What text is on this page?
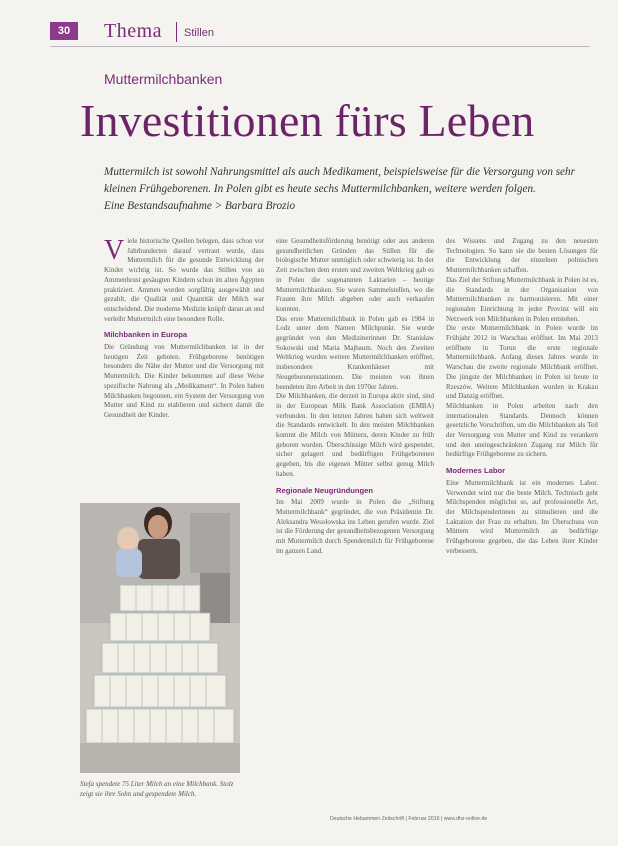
30	Thema Stillen
Muttermilchbanken
Investitionen fürs Leben
Muttermilch ist sowohl Nahrungsmittel als auch Medikament, beispielsweise für die Versorgung von sehr
kleinen Frühgeborenen. In Polen gibt es heute sechs Muttermilchbanken, weitere werden folgen.
Eine Bestandsaufnahme > Barbara Brozio

Viele historische Quellen belegen, dass schon vor Jahrhunderten darauf vertraut wurde, dass Muttermilch für die gesunde Entwicklung der Kinder wichtig ist. So wurde das Stillen von an Ammenbrust gesäugten Kindern schon im alten Ägypten praktiziert. Ammen wurden sorgfältig ausgewählt und gezahlt, die Qualität und Quantität der Milch war entscheidend. Die moderne Medizin knüpft daran an und verleiht Muttermilch eine besondere Rolle.

Milchbanken in Europa

Die Gründung von Muttermilchbanken ist in der heutigen Zeit geboten. Frühgeborene benötigen besonders die Nähe der Mutter und die Versorgung mit Muttermilch. Die Kinder bekommen auf diese Weise spezifische Nahrung als „Medikament“. In Polen haben Milchbanken begonnen, ein System der Versorgung von Mutter und Kind zu etablieren und sichern damit die Gesundheit der Kinder.

Stefa spendete 75 Liter Milch an eine Milchbank. Stolz zeigt sie ihre Sohn und gespendete Milch.

eine Gesundheitsförderung benötigt oder aus anderen gesundheitlichen Gründen das Stillen für die biologische Mutter unmöglich oder schwierig ist. In der Zeit zwischen dem ersten und zweiten Weltkrieg gab es in Polen die sogenannten Laktarien – heutige Muttermilchbanken. Sie waren Sammelstellen, wo die Frauen ihre Milch abgeben oder auch verkaufen konnten.

Das erste Muttermilchbank in Polen gab es 1984 in Lodz unter dem Namen Milchpunkt. Sie wurde gegründet von den Medizinerinnen Dr. Stanisław Sokowski und Maria Majbaum. Noch den Zweiten Weltkrieg wurden weitere Muttermilchbanken eröffnet, insbesondere Krankenhäuser mit Neugeborenenstationen. Die meisten von ihnen beendeten ihre Arbeit in den 1970er Jahren.

Die Milchbanken, die derzeit in Europa aktiv sind, sind in der European Milk Bank Association (EMBA) verbunden. In den letzten Jahren haben sich weltweit die Standards entwickelt. In den meisten Milchbanken kommt die Milch von Müttern, deren Kinder zu früh geboren wurden. Überschüssige Milch wird gespendet, sicher gelagert und bedürftigen Frühgeborenen gegeben, bis die eigenen Mütter selbst genug Milch haben.

Regionale Neugründungen

Im Mai 2009 wurde in Polen die „Stiftung Muttermilchbank“ gegründet, die von Präsidentin Dr. Aleksandra Wesołowska ins Leben gerufen wurde. Ziel ist die Förderung der gesundheitsbezogenen Versorgung mit Muttermilch durch Spendermilch für Frühgeborene im ganzen Land.

des Wissens und Zugang zu den neuesten Technologien. So kann sie die besten Lösungen für die Entwicklung der einzelnen polnischen Muttermilchbanken schaffen.

Das Ziel der Stiftung Muttermilchbank in Polen ist es, die Standards in der Organisation von Muttermilchbanken zu harmonisieren. Mit einer regionalen Einrichtung in jeder Provinz will ein Netzwerk von Milchbanken in Polen entstehen.

Die erste Muttermilchbank in Polen wurde im Frühjahr 2012 in Warschau eröffnet. Im Mai 2013 eröffnete in Torun die erste regionale Muttermilchbank. Anfang dieses Jahres wurde in Warschau die zweite regionale Milchbank eröffnet. Die jüngste der Milchbanken in Polen ist heute in Rzeszów. Weitere Milchbanken wurden in Krakau und Danzig eröffnet.

Milchbanken in Polen arbeiten nach den internationalen Standards. Dennoch können gesetzliche Vorschriften, um die Milchbanken als Teil der Versorgung von Mutter und Kind zu verankern und den uneingeschränkten Zugang zur Milch für bedürftige Frühgeborene zu sichern.

Modernes Labor

Eine Muttermilchbank ist ein modernes Labor. Verwendet wird nur die beste Milch. Technisch geht Milchspenden möglichst so, auf professionelle Art, der Milchspenderinnen zu stimulieren und die Laktation der Frau zu erhalten. Im Überschuss von Müttern wird Muttermilch an bedürftige Frühgeborene gegeben, die das Leben ihrer Kinder verbessern.

Deutsche Hebammen Zeitschrift | Februar 2016 | www.dhz-online.de
